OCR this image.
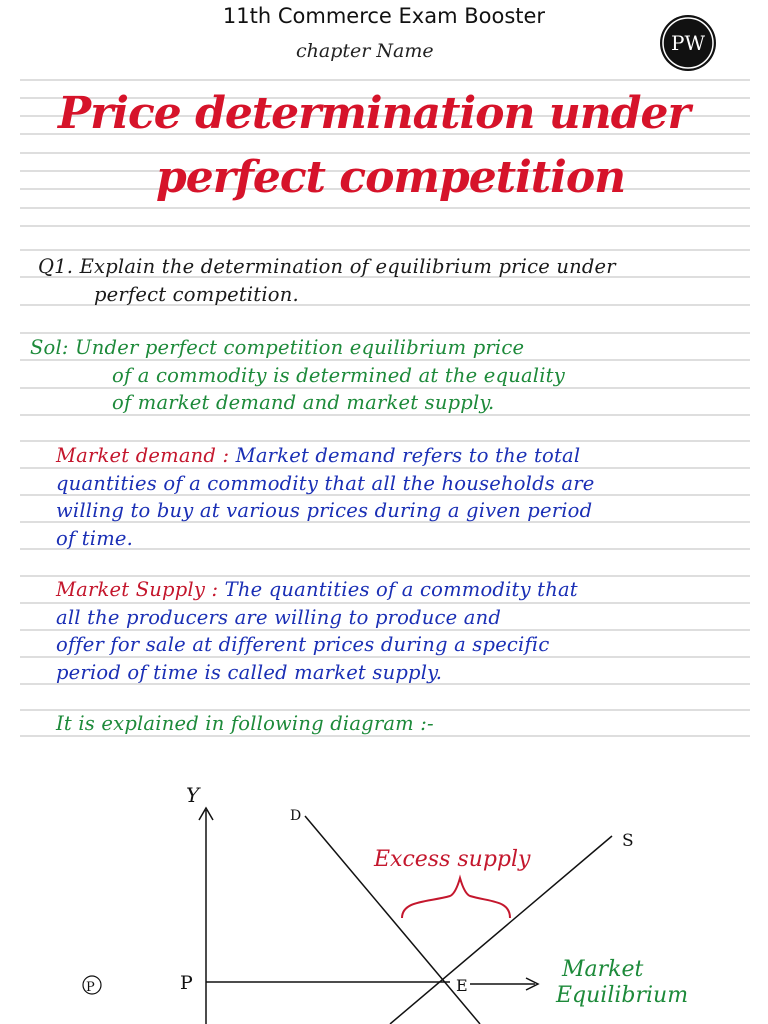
11th Commerce Exam Booster
PW
chapter Name
Price determination under
perfect competition
Q1. Explain the determination of equilibrium price under
perfect competition.
Sol: Under perfect competition equilibrium price
of a commodity is determined at the equality
of market demand and market supply.
Market demand : Market demand refers to the total
quantities of a commodity that all the households are
willing to buy at various prices during a given period
of time.
Market Supply : The quantities of a commodity that
all the producers are willing to produce and
offer for sale at different prices during a specific
period of time is called market supply.
It is explained in following diagram :-
Y
D
S
Excess supply
P	E
Market
Equilibrium
P
